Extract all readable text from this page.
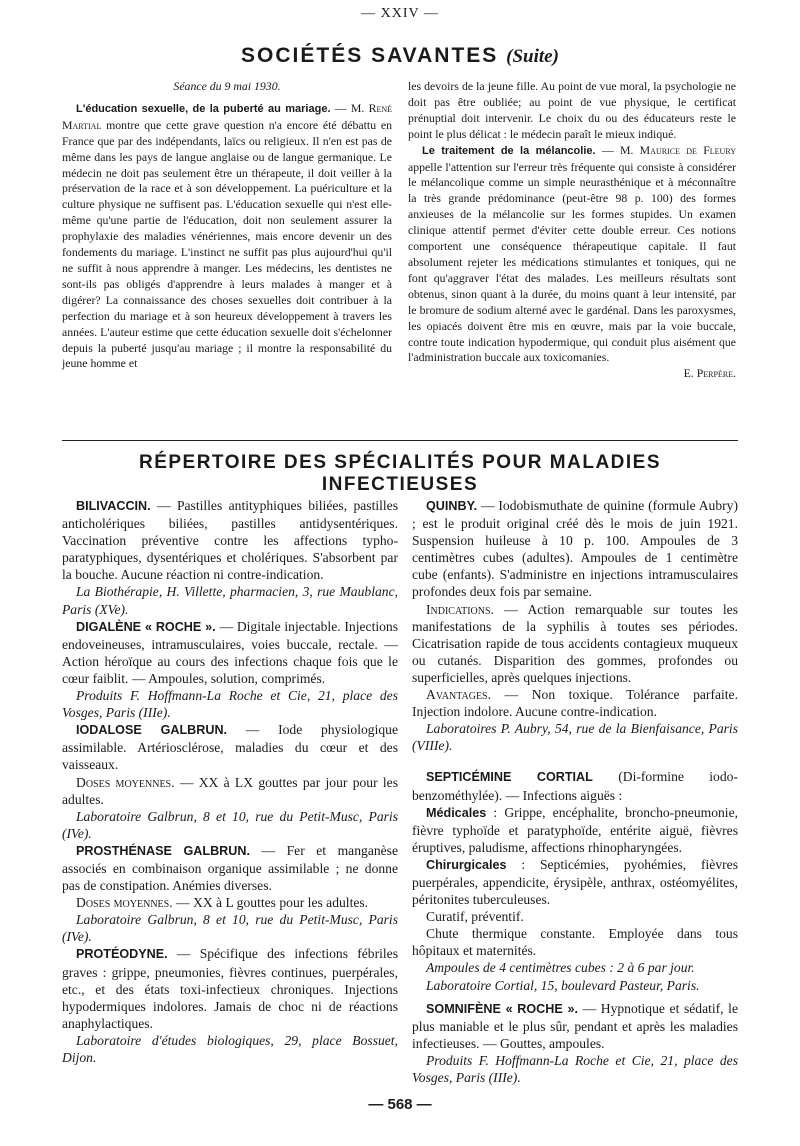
— XXIV —
SOCIÉTÉS SAVANTES (Suite)

Séance du 9 mai 1930.

L'éducation sexuelle, de la puberté au mariage. — M. René Martial montre que cette grave question n'a encore été débattu en France que par des indépendants, laïcs ou religieux. Il n'en est pas de même dans les pays de langue anglaise ou de langue germanique. Le médecin ne doit pas seulement être un thérapeute, il doit veiller à la préservation de la race et à son développement. La puériculture et la culture physique ne suffisent pas. L'éducation sexuelle qui n'est elle-même qu'une partie de l'éducation, doit non seulement assurer la prophylaxie des maladies vénériennes, mais encore devenir un des fondements du mariage. L'instinct ne suffit pas plus aujourd'hui qu'il ne suffit à nous apprendre à manger. Les médecins, les dentistes ne sont-ils pas obligés d'apprendre à leurs malades à manger et à digérer? La connaissance des choses sexuelles doit contribuer à la perfection du mariage et à son heureux développement à travers les années. L'auteur estime que cette éducation sexuelle doit s'échelonner depuis la puberté jusqu'au mariage ; il montre la responsabilité du jeune homme et

les devoirs de la jeune fille. Au point de vue moral, la psychologie ne doit pas être oubliée; au point de vue physique, le certificat prénuptial doit intervenir. Le choix du ou des éducateurs reste le point le plus délicat : le médecin paraît le mieux indiqué.

Le traitement de la mélancolie. — M. Maurice de Fleury appelle l'attention sur l'erreur très fréquente qui consiste à considérer le mélancolique comme un simple neurasthénique et à méconnaître la très grande prédominance (peut-être 98 p. 100) des formes anxieuses de la mélancolie sur les formes stupides. Un examen clinique attentif permet d'éviter cette double erreur. Ces notions comportent une conséquence thérapeutique capitale. Il faut absolument rejeter les médications stimulantes et toniques, qui ne font qu'aggraver l'état des malades. Les meilleurs résultats sont obtenus, sinon quant à la durée, du moins quant à leur intensité, par le bromure de sodium alterné avec le gardénal. Dans les paroxysmes, les opiacés doivent être mis en œuvre, mais par la voie buccale, contre toute indication hypodermique, qui conduit plus aisément que l'administration buccale aux toxicomanies.

E. Perpère.

RÉPERTOIRE DES SPÉCIALITÉS POUR MALADIES
INFECTIEUSES

BILIVACCIN. — Pastilles antityphiques biliées, pastilles anticholériques biliées, pastilles antidysentériques. Vaccination préventive contre les affections typho-paratyphiques, dysentériques et cholériques. S'absorbent par la bouche. Aucune réaction ni contre-indication.

La Biothérapie, H. Villette, pharmacien, 3, rue Maublanc, Paris (XVe).

DIGALÈNE « ROCHE ». — Digitale injectable. Injections endoveineuses, intramusculaires, voies buccale, rectale. — Action héroïque au cours des infections chaque fois que le cœur faiblit. — Ampoules, solution, comprimés.

Produits F. Hoffmann-La Roche et Cie, 21, place des Vosges, Paris (IIIe).

IODALOSE GALBRUN. — Iode physiologique assimilable. Artériosclérose, maladies du cœur et des vaisseaux.

Doses moyennes. — XX à LX gouttes par jour pour les adultes.

Laboratoire Galbrun, 8 et 10, rue du Petit-Musc, Paris (IVe).

PROSTHÉNASE GALBRUN. — Fer et manganèse associés en combinaison organique assimilable ; ne donne pas de constipation. Anémies diverses.

Doses moyennes. — XX à L gouttes pour les adultes.

Laboratoire Galbrun, 8 et 10, rue du Petit-Musc, Paris (IVe).

PROTÉODYNE. — Spécifique des infections fébriles graves : grippe, pneumonies, fièvres continues, puerpérales, etc., et des états toxi-infectieux chroniques. Injections hypodermiques indolores. Jamais de choc ni de réactions anaphylactiques.

Laboratoire d'études biologiques, 29, place Bossuet, Dijon.

QUINBY. — Iodobismuthate de quinine (formule Aubry) ; est le produit original créé dès le mois de juin 1921. Suspension huileuse à 10 p. 100. Ampoules de 3 centimètres cubes (adultes). Ampoules de 1 centimètre cube (enfants). S'administre en injections intramusculaires profondes deux fois par semaine.

Indications. — Action remarquable sur toutes les manifestations de la syphilis à toutes ses périodes. Cicatrisation rapide de tous accidents contagieux muqueux ou cutanés. Disparition des gommes, profondes ou superficielles, après quelques injections.

Avantages. — Non toxique. Tolérance parfaite. Injection indolore. Aucune contre-indication.

Laboratoires P. Aubry, 54, rue de la Bienfaisance, Paris (VIIIe).

SEPTICÉMINE CORTIAL (Di-formine iodo-benzométhylée). — Infections aiguës :

Médicales : Grippe, encéphalite, broncho-pneumonie, fièvre typhoïde et paratyphoïde, entérite aiguë, fièvres éruptives, paludisme, affections rhinopharyngées.

Chirurgicales : Septicémies, pyohémies, fièvres puerpérales, appendicite, érysipèle, anthrax, ostéomyélites, péritonites tuberculeuses.

Curatif, préventif.

Chute thermique constante. Employée dans tous hôpitaux et maternités.

Ampoules de 4 centimètres cubes : 2 à 6 par jour.

Laboratoire Cortial, 15, boulevard Pasteur, Paris.

SOMNIFÈNE « ROCHE ». — Hypnotique et sédatif, le plus maniable et le plus sûr, pendant et après les maladies infectieuses. — Gouttes, ampoules.

Produits F. Hoffmann-La Roche et Cie, 21, place des Vosges, Paris (IIIe).

— 568 —
